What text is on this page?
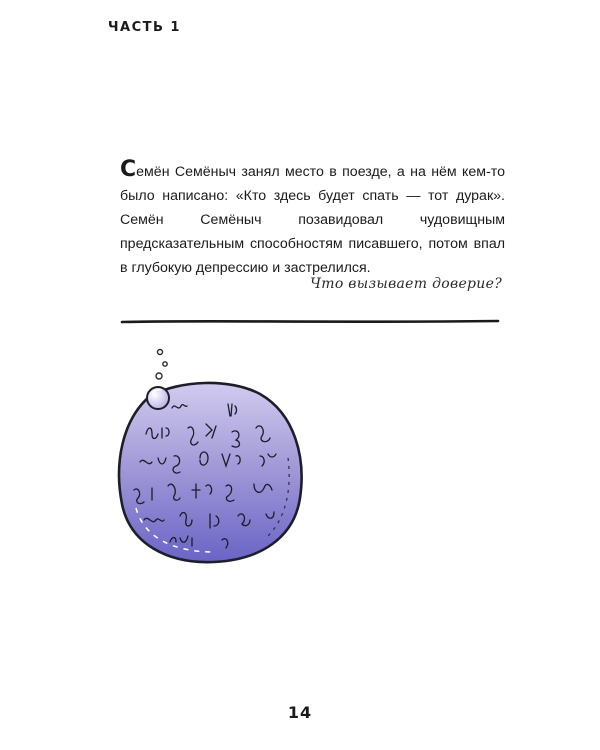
ЧАСТЬ 1

Семён Семёныч занял место в поезде, а на нём кем-то было написано: «Кто здесь будет спать — тот дурак». Семён Семёныч позавидовал чудовищным предсказательным способностям писавшего, потом впал в глубокую депрессию и застрелился.

Что вызывает доверие?
14
